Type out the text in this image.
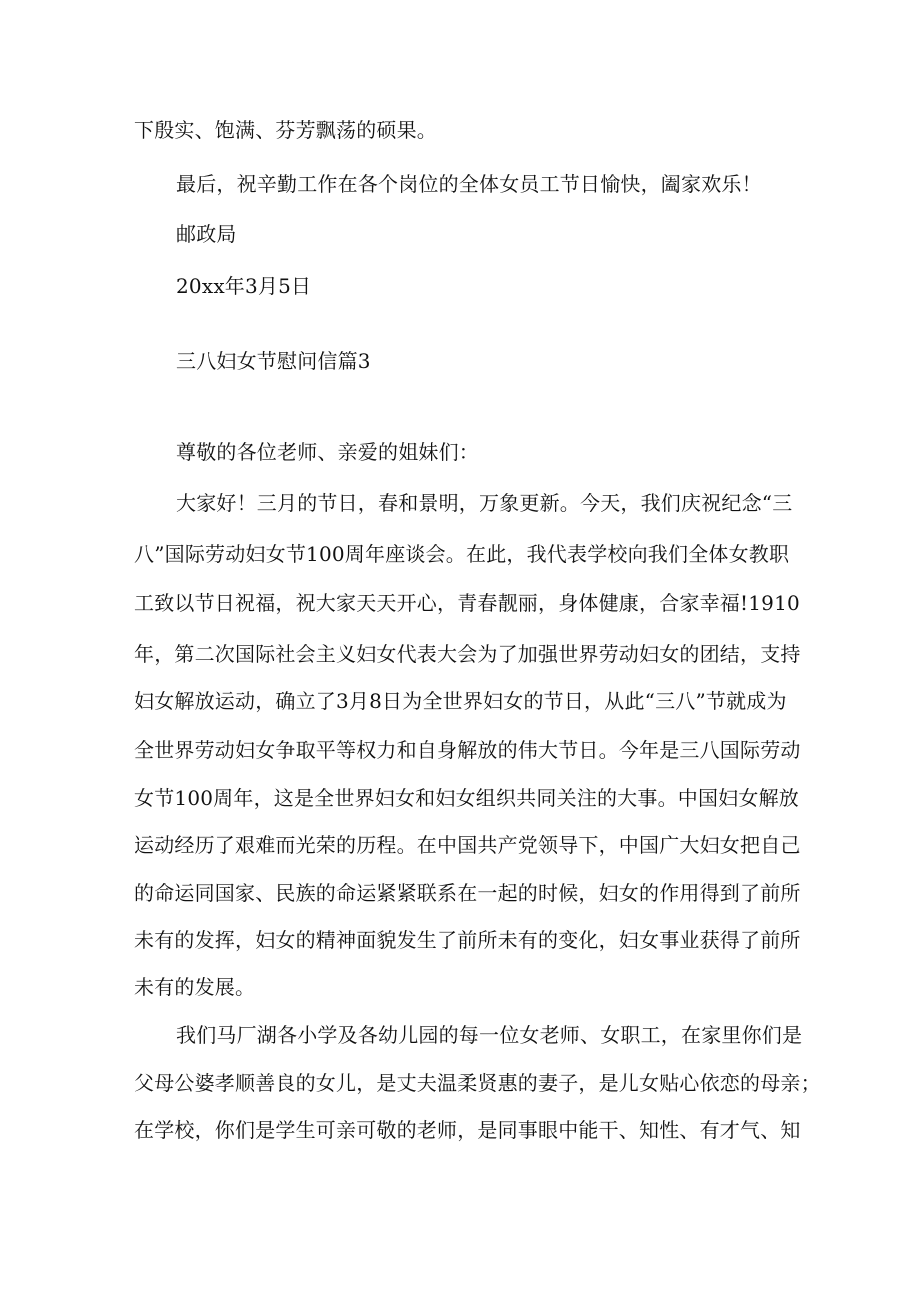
下殷实、饱满、芬芳飘荡的硕果。
最后，祝辛勤工作在各个岗位的全体女员工节日愉快，阖家欢乐！
邮政局
20xx年3月5日
三八妇女节慰问信篇3
尊敬的各位老师、亲爱的姐妹们：
大家好！三月的节日，春和景明，万象更新。今天，我们庆祝纪念“三
八”国际劳动妇女节100周年座谈会。在此，我代表学校向我们全体女教职
工致以节日祝福，祝大家天天开心，青春靓丽，身体健康，合家幸福!1910
年，第二次国际社会主义妇女代表大会为了加强世界劳动妇女的团结，支持
妇女解放运动，确立了3月8日为全世界妇女的节日，从此“三八”节就成为
全世界劳动妇女争取平等权力和自身解放的伟大节日。今年是三八国际劳动
女节100周年，这是全世界妇女和妇女组织共同关注的大事。中国妇女解放
运动经历了艰难而光荣的历程。在中国共产党领导下，中国广大妇女把自己
的命运同国家、民族的命运紧紧联系在一起的时候，妇女的作用得到了前所
未有的发挥，妇女的精神面貌发生了前所未有的变化，妇女事业获得了前所
未有的发展。
我们马厂湖各小学及各幼儿园的每一位女老师、女职工，在家里你们是
父母公婆孝顺善良的女儿，是丈夫温柔贤惠的妻子，是儿女贴心依恋的母亲；
在学校，你们是学生可亲可敬的老师，是同事眼中能干、知性、有才气、知
